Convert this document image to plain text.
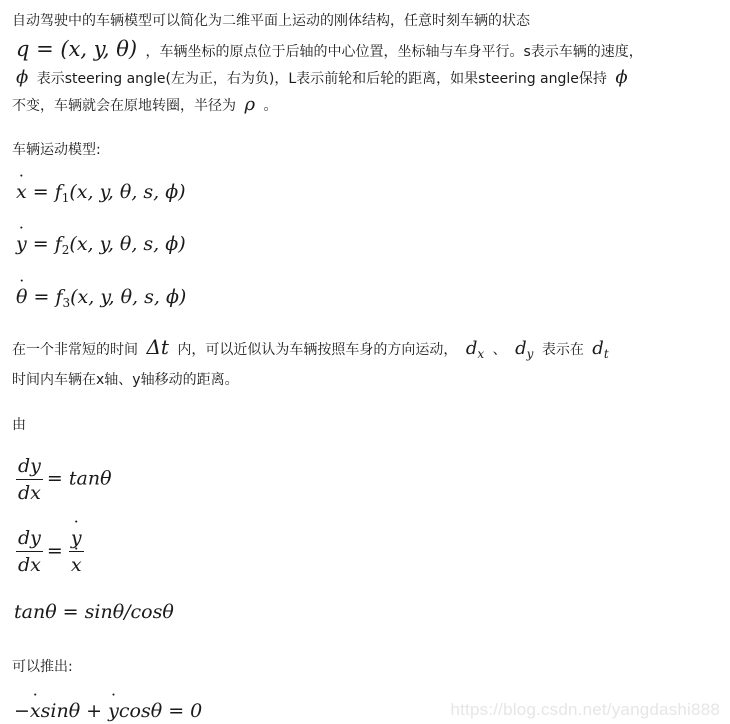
自动驾驶中的车辆模型可以简化为二维平面上运动的刚体结构，任意时刻车辆的状态
q = (x, y, θ) ，车辆坐标的原点位于后轴的中心位置，坐标轴与车身平行。s表示车辆的速度，
ϕ 表示steering angle(左为正，右为负)，L表示前轮和后轮的距离，如果steering angle保持 ϕ
不变，车辆就会在原地转圈，半径为 ρ 。
车辆运动模型:
˙ $x = f_1(x$, y, θ, s, ϕ)
˙ $y = f_2(x$, y, θ, s, ϕ)
˙ $\theta = f_3(x$, y, θ, s, ϕ)
在一个非常短的时间 Δt 内，可以近似认为车辆按照车身的方向运动， $d_x$ 、 $d_y$ 表示在 $d_t$
时间内车辆在x轴、y轴移动的距离。
由
$\frac{dy}{dx} = \tan\theta$
$\frac{dy}{dx}$ = ˙ y
˙ x
tanθ = sinθ/cosθ
可以推出:
−˙ xsinθ + ˙ ycosθ = 0	https://blog.csdn.net/yangdashi888
